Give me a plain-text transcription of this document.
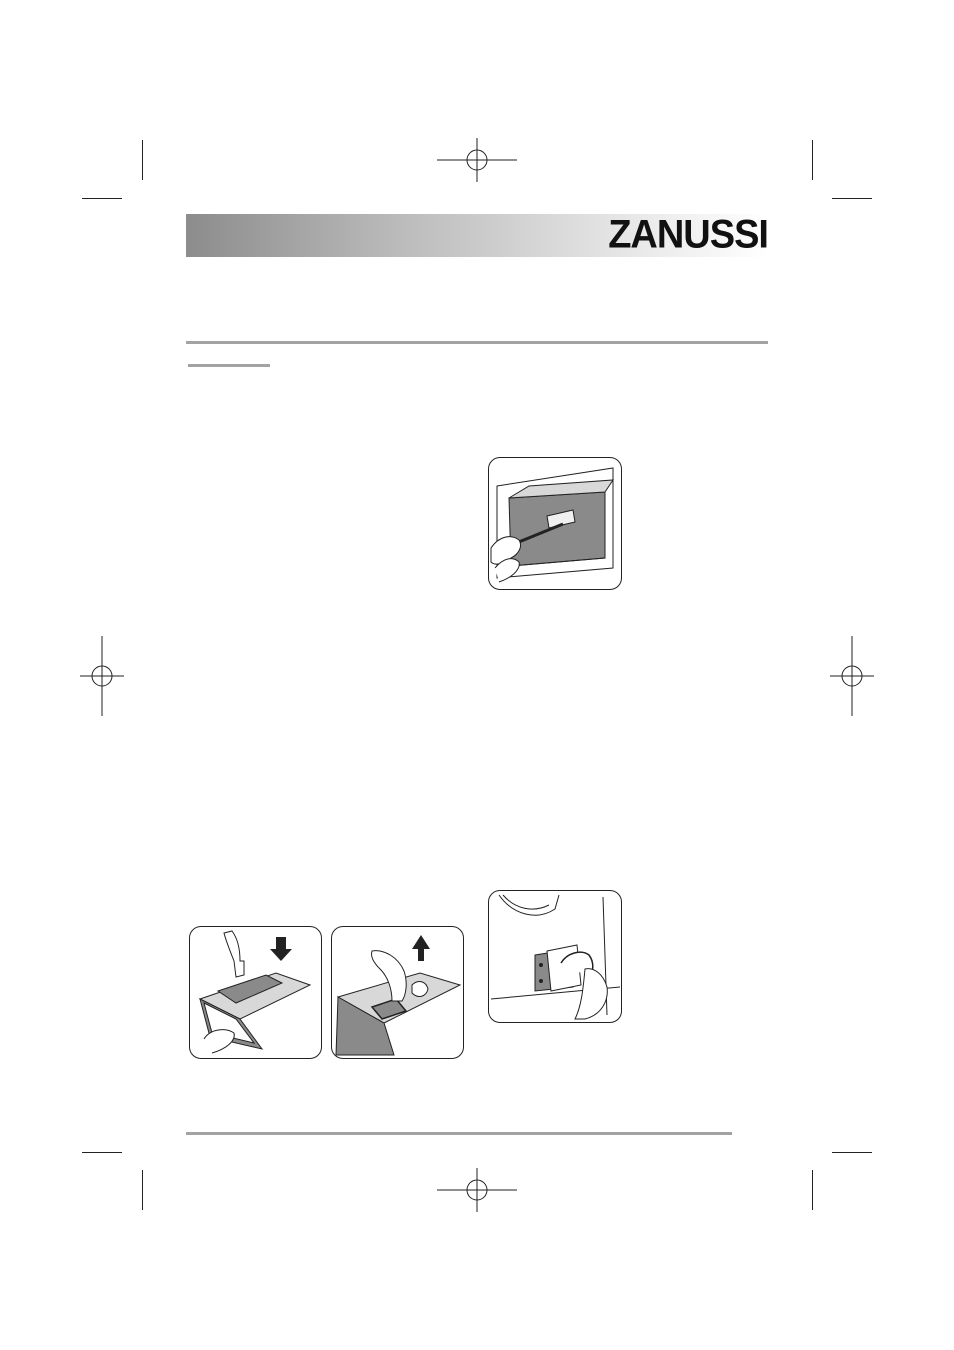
ZANUSSI
